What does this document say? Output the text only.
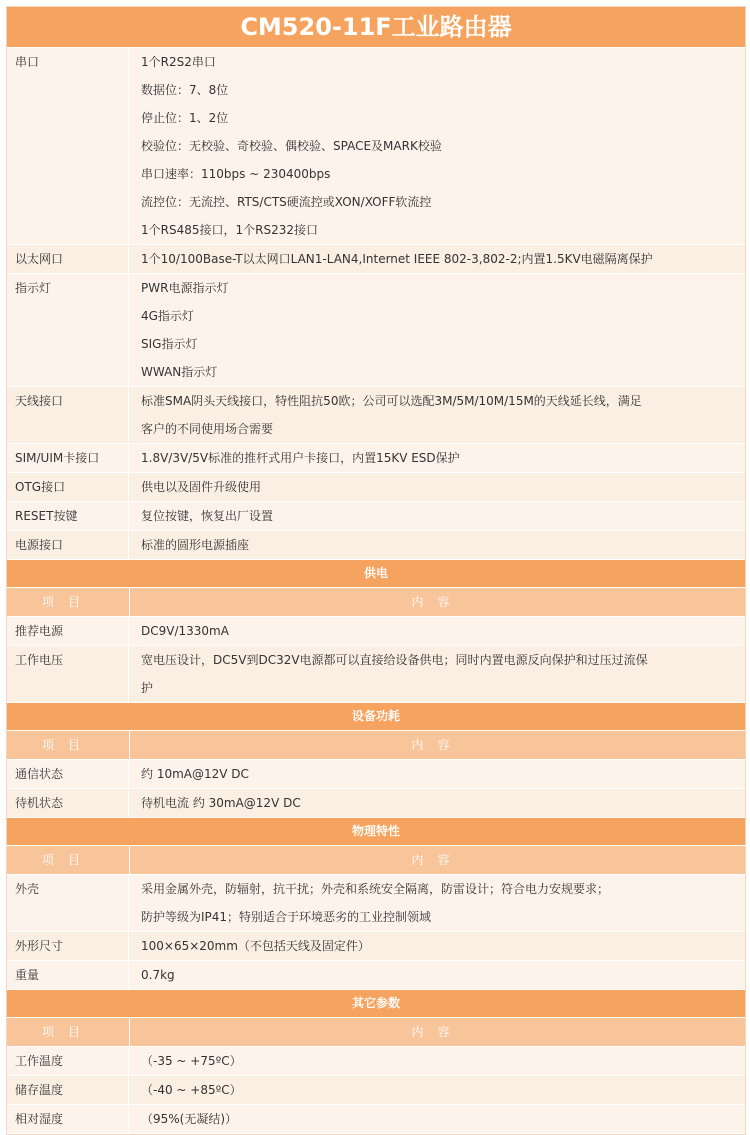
CM520-11F工业路由器
串口	1个R2S2串口
数据位：7、8位
停止位：1、2位
校验位：无校验、奇校验、偶校验、SPACE及MARK校验
串口速率：110bps ~ 230400bps
流控位：无流控、RTS/CTS硬流控或XON/XOFF软流控
1个RS485接口，1个RS232接口
以太网口	1个10/100Base-T以太网口LAN1-LAN4,Internet IEEE 802-3,802-2;内置1.5KV电磁隔离保护
指示灯	PWR电源指示灯
4G指示灯
SIG指示灯
WWAN指示灯
天线接口	标准SMA阴头天线接口，特性阻抗50欧；公司可以选配3M/5M/10M/15M的天线延长线，满足
客户的不同使用场合需要
SIM/UIM卡接口	1.8V/3V/5V标准的推杆式用户卡接口，内置15KV ESD保护
OTG接口	供电以及固件升级使用
RESET按键	复位按键，恢复出厂设置
电源接口	标准的圆形电源插座
供电
项目	内容
推荐电源	DC9V/1330mA
工作电压	宽电压设计，DC5V到DC32V电源都可以直接给设备供电；同时内置电源反向保护和过压过流保
护
设备功耗
项目	内容
通信状态	约 10mA@12V DC
待机状态	待机电流 约 30mA@12V DC
物理特性
项目	内容
外壳	采用金属外壳，防辐射，抗干扰；外壳和系统安全隔离，防雷设计；符合电力安规要求；
防护等级为IP41；特别适合于环境恶劣的工业控制领域
外形尺寸	100×65×20mm（不包括天线及固定件）
重量	0.7kg
其它参数
项目	内容
工作温度	（-35 ~ +75ºC）
储存温度	（-40 ~ +85ºC）
相对湿度	（95%(无凝结)）
